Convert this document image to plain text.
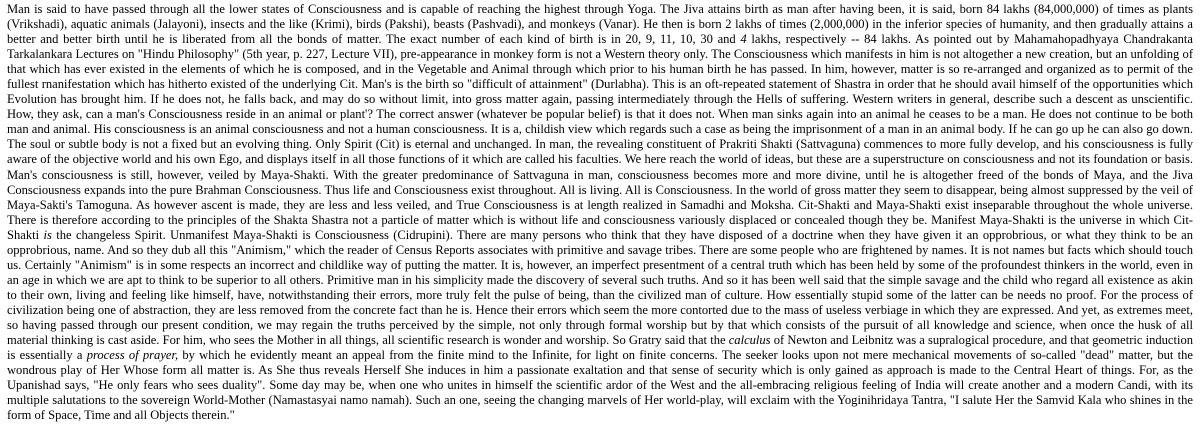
Man is said to have passed through all the lower states of Consciousness and is capable of reaching the highest through Yoga. The Jiva attains birth as man after having been, it is said, born 84 lakhs (84,000,000) of times as plants (Vrikshadi), aquatic animals (Jalayoni), insects and the like (Krimi), birds (Pakshi), beasts (Pashvadi), and monkeys (Vanar). He then is born 2 lakhs of times (2,000,000) in the inferior species of humanity, and then gradually attains a better and better birth until he is liberated from all the bonds of matter. The exact number of each kind of birth is in 20, 9, 11, 10, 30 and 4 lakhs, respectively -- 84 lakhs. As pointed out by Mahamahopadhyaya Chandrakanta Tarkalankara Lectures on "Hindu Philosophy" (5th year, p. 227, Lecture VII), pre-appearance in monkey form is not a Western theory only. The Consciousness which manifests in him is not altogether a new creation, but an unfolding of that which has ever existed in the elements of which he is composed, and in the Vegetable and Animal through which prior to his human birth he has passed. In him, however, matter is so re-arranged and organized as to permit of the fullest rnanifestation which has hitherto existed of the underlying Cit. Man's is the birth so "difficult of attainment" (Durlabha). This is an oft-repeated statement of Shastra in order that he should avail himself of the opportunities which Evolution has brought him. If he does not, he falls back, and may do so without limit, into gross matter again, passing intermediately through the Hells of suffering. Western writers in general, describe such a descent as unscientific. How, they ask, can a man's Consciousness reside in an animal or plant'? The correct answer (whatever be popular belief) is that it does not. When man sinks again into an animal he ceases to be a man. He does not continue to be both man and animal. His consciousness is an animal consciousness and not a human consciousness. It is a, childish view which regards such a case as being the imprisonment of a man in an animal body. If he can go up he can also go down. The soul or subtle body is not a fixed but an evolving thing. Only Spirit (Cit) is eternal and unchanged. In man, the revealing constituent of Prakriti Shakti (Sattvaguna) commences to more fully develop, and his consciousness is fully aware of the objective world and his own Ego, and displays itself in all those functions of it which are called his faculties. We here reach the world of ideas, but these are a superstructure on consciousness and not its foundation or basis. Man's consciousness is still, however, veiled by Maya-Shakti. With the greater predominance of Sattvaguna in man, consciousness becomes more and more divine, until he is altogether freed of the bonds of Maya, and the Jiva Consciousness expands into the pure Brahman Consciousness. Thus life and Consciousness exist throughout. All is living. All is Consciousness. In the world of gross matter they seem to disappear, being almost suppressed by the veil of Maya-Sakti's Tamoguna. As however ascent is made, they are less and less veiled, and True Consciousness is at length realized in Samadhi and Moksha. Cit-Shakti and Maya-Shakti exist inseparable throughout the whole universe. There is therefore according to the principles of the Shakta Shastra not a particle of matter which is without life and consciousness variously displaced or concealed though they be. Manifest Maya-Shakti is the universe in which Cit-Shakti is the changeless Spirit. Unmanifest Maya-Shakti is Consciousness (Cidrupini). There are many persons who think that they have disposed of a doctrine when they have given it an opprobrious, or what they think to be an opprobrious, name. And so they dub all this "Animism," which the reader of Census Reports associates with primitive and savage tribes. There are some people who are frightened by names. It is not names but facts which should touch us. Certainly "Animism" is in some respects an incorrect and childlike way of putting the matter. It is, however, an imperfect presentment of a central truth which has been held by some of the profoundest thinkers in the world, even in an age in which we are apt to think to be superior to all others. Primitive man in his simplicity made the discovery of several such truths. And so it has been well said that the simple savage and the child who regard all existence as akin to their own, living and feeling like himself, have, notwithstanding their errors, more truly felt the pulse of being, than the civilized man of culture. How essentially stupid some of the latter can be needs no proof. For the process of civilization being one of abstraction, they are less removed from the concrete fact than he is. Hence their errors which seem the more contorted due to the mass of useless verbiage in which they are expressed. And yet, as extremes meet, so having passed through our present condition, we may regain the truths perceived by the simple, not only through formal worship but by that which consists of the pursuit of all knowledge and science, when once the husk of all material thinking is cast aside. For him, who sees the Mother in all things, all scientific research is wonder and worship. So Gratry said that the calculus of Newton and Leibnitz was a supralogical procedure, and that geometric induction is essentially a process of prayer, by which he evidently meant an appeal from the finite mind to the Infinite, for light on finite concerns. The seeker looks upon not mere mechanical movements of so-called "dead" matter, but the wondrous play of Her Whose form all matter is. As She thus reveals Herself She induces in him a passionate exaltation and that sense of security which is only gained as approach is made to the Central Heart of things. For, as the Upanishad says, "He only fears who sees duality". Some day may be, when one who unites in himself the scientific ardor of the West and the all-embracing religious feeling of India will create another and a modern Candi, with its multiple salutations to the sovereign World-Mother (Namastasyai namo namah). Such an one, seeing the changing marvels of Her world-play, will exclaim with the Yoginihridaya Tantra, "I salute Her the Samvid Kala who shines in the form of Space, Time and all Objects therein."
